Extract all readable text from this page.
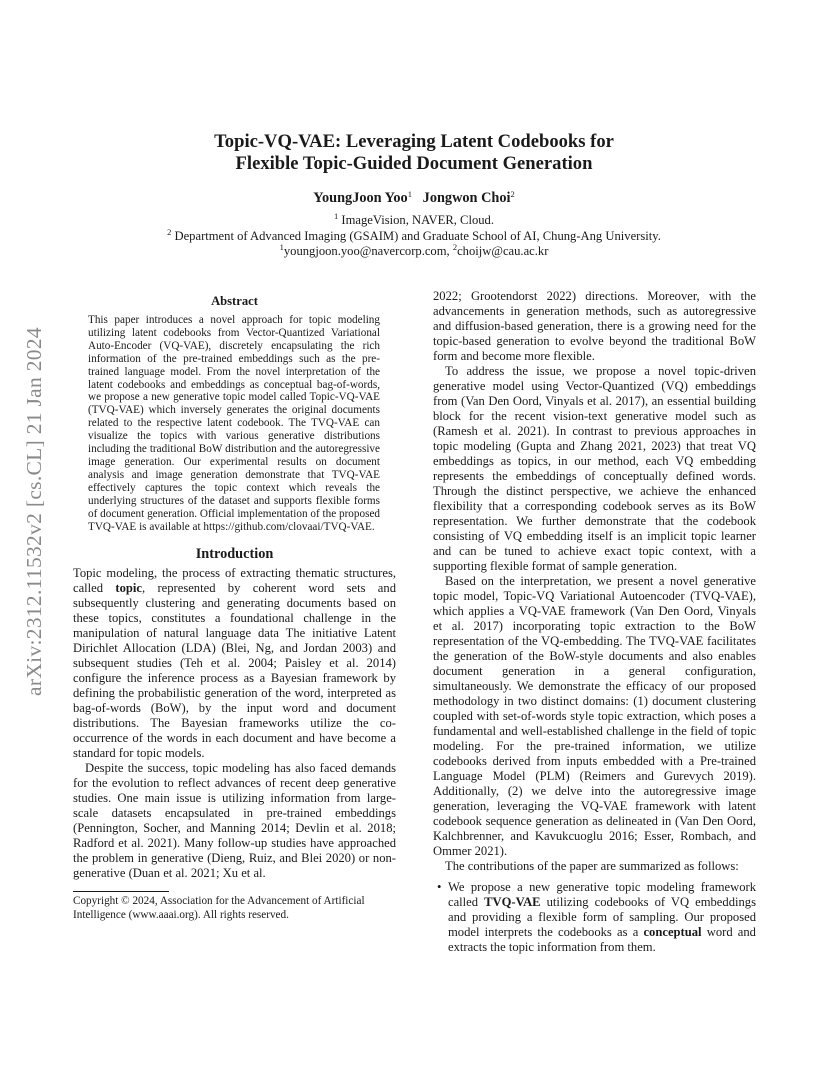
arXiv:2312.11532v2 [cs.CL] 21 Jan 2024
Topic-VQ-VAE: Leveraging Latent Codebooks for
Flexible Topic-Guided Document Generation
YoungJoon Yoo$^1$ Jongwon Choi$^2$
$^1$ ImageVision, NAVER, Cloud.
$^2$ Department of Advanced Imaging (GSAIM) and Graduate School of AI, Chung-Ang University.
$^1$youngjoon.yoo@navercorp.com, $^2$choijw@cau.ac.kr
Abstract

This paper introduces a novel approach for topic modeling utilizing latent codebooks from Vector-Quantized Variational Auto-Encoder (VQ-VAE), discretely encapsulating the rich information of the pre-trained embeddings such as the pre-trained language model. From the novel interpretation of the latent codebooks and embeddings as conceptual bag-of-words, we propose a new generative topic model called Topic-VQ-VAE (TVQ-VAE) which inversely generates the original documents related to the respective latent codebook. The TVQ-VAE can visualize the topics with various generative distributions including the traditional BoW distribution and the autoregressive image generation. Our experimental results on document analysis and image generation demonstrate that TVQ-VAE effectively captures the topic context which reveals the underlying structures of the dataset and supports flexible forms of document generation. Official implementation of the proposed TVQ-VAE is available at https://github.com/clovaai/TVQ-VAE.

Introduction

Topic modeling, the process of extracting thematic structures, called topic, represented by coherent word sets and subsequently clustering and generating documents based on these topics, constitutes a foundational challenge in the manipulation of natural language data The initiative Latent Dirichlet Allocation (LDA) (Blei, Ng, and Jordan 2003) and subsequent studies (Teh et al. 2004; Paisley et al. 2014) configure the inference process as a Bayesian framework by defining the probabilistic generation of the word, interpreted as bag-of-words (BoW), by the input word and document distributions. The Bayesian frameworks utilize the co-occurrence of the words in each document and have become a standard for topic models.

Despite the success, topic modeling has also faced demands for the evolution to reflect advances of recent deep generative studies. One main issue is utilizing information from large-scale datasets encapsulated in pre-trained embeddings (Pennington, Socher, and Manning 2014; Devlin et al. 2018; Radford et al. 2021). Many follow-up studies have approached the problem in generative (Dieng, Ruiz, and Blei 2020) or non-generative (Duan et al. 2021; Xu et al.

Copyright © 2024, Association for the Advancement of Artificial Intelligence (www.aaai.org). All rights reserved.

2022; Grootendorst 2022) directions. Moreover, with the advancements in generation methods, such as autoregressive and diffusion-based generation, there is a growing need for the topic-based generation to evolve beyond the traditional BoW form and become more flexible.

To address the issue, we propose a novel topic-driven generative model using Vector-Quantized (VQ) embeddings from (Van Den Oord, Vinyals et al. 2017), an essential building block for the recent vision-text generative model such as (Ramesh et al. 2021). In contrast to previous approaches in topic modeling (Gupta and Zhang 2021, 2023) that treat VQ embeddings as topics, in our method, each VQ embedding represents the embeddings of conceptually defined words. Through the distinct perspective, we achieve the enhanced flexibility that a corresponding codebook serves as its BoW representation. We further demonstrate that the codebook consisting of VQ embedding itself is an implicit topic learner and can be tuned to achieve exact topic context, with a supporting flexible format of sample generation.

Based on the interpretation, we present a novel generative topic model, Topic-VQ Variational Autoencoder (TVQ-VAE), which applies a VQ-VAE framework (Van Den Oord, Vinyals et al. 2017) incorporating topic extraction to the BoW representation of the VQ-embedding. The TVQ-VAE facilitates the generation of the BoW-style documents and also enables document generation in a general configuration, simultaneously. We demonstrate the efficacy of our proposed methodology in two distinct domains: (1) document clustering coupled with set-of-words style topic extraction, which poses a fundamental and well-established challenge in the field of topic modeling. For the pre-trained information, we utilize codebooks derived from inputs embedded with a Pre-trained Language Model (PLM) (Reimers and Gurevych 2019). Additionally, (2) we delve into the autoregressive image generation, leveraging the VQ-VAE framework with latent codebook sequence generation as delineated in (Van Den Oord, Kalchbrenner, and Kavukcuoglu 2016; Esser, Rombach, and Ommer 2021).

The contributions of the paper are summarized as follows:

• We propose a new generative topic modeling framework called TVQ-VAE utilizing codebooks of VQ embeddings and providing a flexible form of sampling. Our proposed model interprets the codebooks as a conceptual word and extracts the topic information from them.
